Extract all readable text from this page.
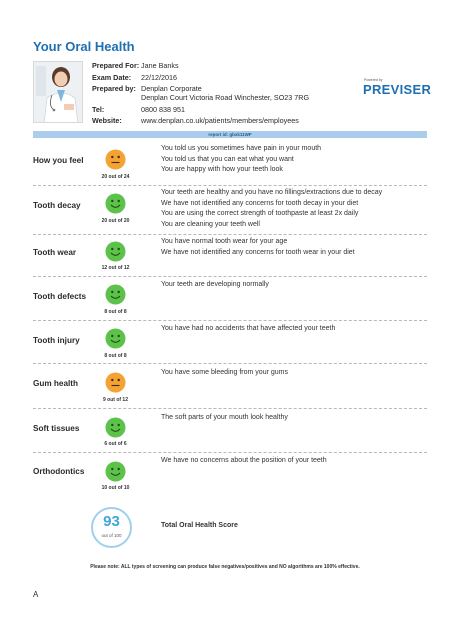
Your Oral Health
Prepared For: Jane Banks
Exam Date: 22/12/2016
Prepared by: Denplan Corporate
Denplan Court Victoria Road Winchester, SO23 7RG
Tel:	0800 838 951
Website:	www.denplan.co.uk/patients/members/employees
Powered by
PREVISER
report id: gbxk11WF
How you feel
20 out of 24
You told us you sometimes have pain in your mouth
You told us that you can eat what you want
You are happy with how your teeth look
Tooth decay
20 out of 20
Your teeth are healthy and you have no fillings/extractions due to decay
We have not identified any concerns for tooth decay in your diet
You are using the correct strength of toothpaste at least 2x daily
You are cleaning your teeth well
Tooth wear
12 out of 12
You have normal tooth wear for your age
We have not identified any concerns for tooth wear in your diet
Tooth defects
8 out of 8
Your teeth are developing normally
Tooth injury
8 out of 8
You have had no accidents that have affected your teeth
Gum health
9 out of 12
You have some bleeding from your gums
Soft tissues
6 out of 6
The soft parts of your mouth look healthy
Orthodontics
10 out of 10
We have no concerns about the position of your teeth
93
out of 100
Total Oral Health Score
Please note: ALL types of screening can produce false negatives/positives and NO algorithms are 100% effective.
A
